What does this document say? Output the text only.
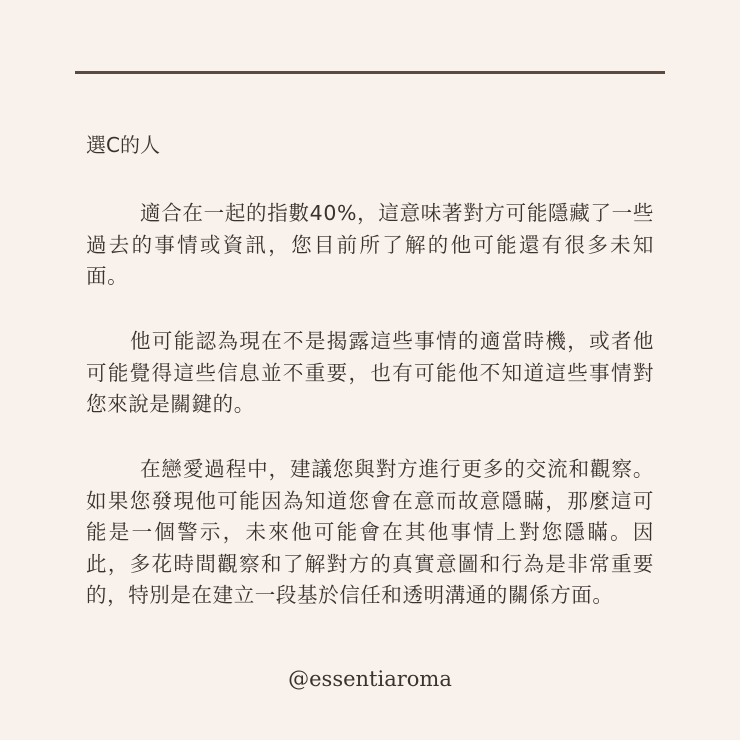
選C的人

適合在一起的指數40%，這意味著對方可能隱藏了一些過去的事情或資訊，您目前所了解的他可能還有很多未知面。

他可能認為現在不是揭露這些事情的適當時機，或者他可能覺得這些信息並不重要，也有可能他不知道這些事情對您來說是關鍵的。

在戀愛過程中，建議您與對方進行更多的交流和觀察。如果您發現他可能因為知道您會在意而故意隱瞞，那麼這可能是一個警示，未來他可能會在其他事情上對您隱瞞。因此，多花時間觀察和了解對方的真實意圖和行為是非常重要的，特別是在建立一段基於信任和透明溝通的關係方面。

@essentiaroma
